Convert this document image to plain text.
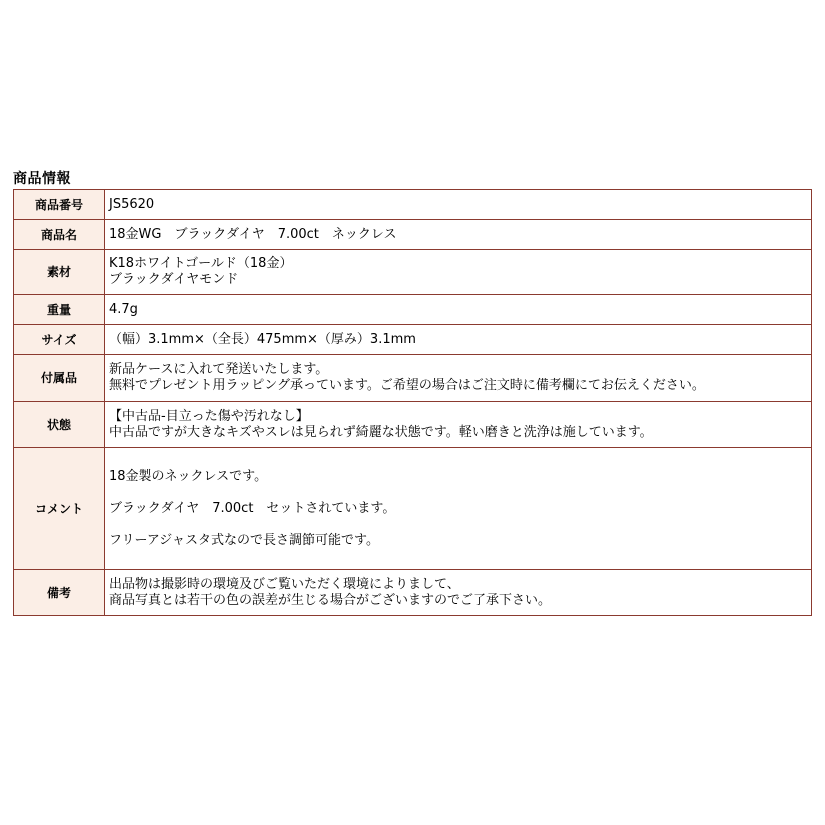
商品情報
商品番号	JS5620
商品名	18金WG　ブラックダイヤ　7.00ct　ネックレス
素材	K18ホワイトゴールド（18金）
ブラックダイヤモンド

重量	4.7g
サイズ	（幅）3.1mm×（全長）475mm×（厚み）3.1mm
付属品	新品ケースに入れて発送いたします。
無料でプレゼント用ラッピング承っています。ご希望の場合はご注文時に備考欄にてお伝えください。

状態	【中古品-目立った傷や汚れなし】
中古品ですが大きなキズやスレは見られず綺麗な状態です。軽い磨きと洗浄は施しています。

コメント	18金製のネックレスです。
ブラックダイヤ　7.00ct　セットされています。
フリーアジャスタ式なので長さ調節可能です。

備考	出品物は撮影時の環境及びご覧いただく環境によりまして、
商品写真とは若干の色の誤差が生じる場合がございますのでご了承下さい。
